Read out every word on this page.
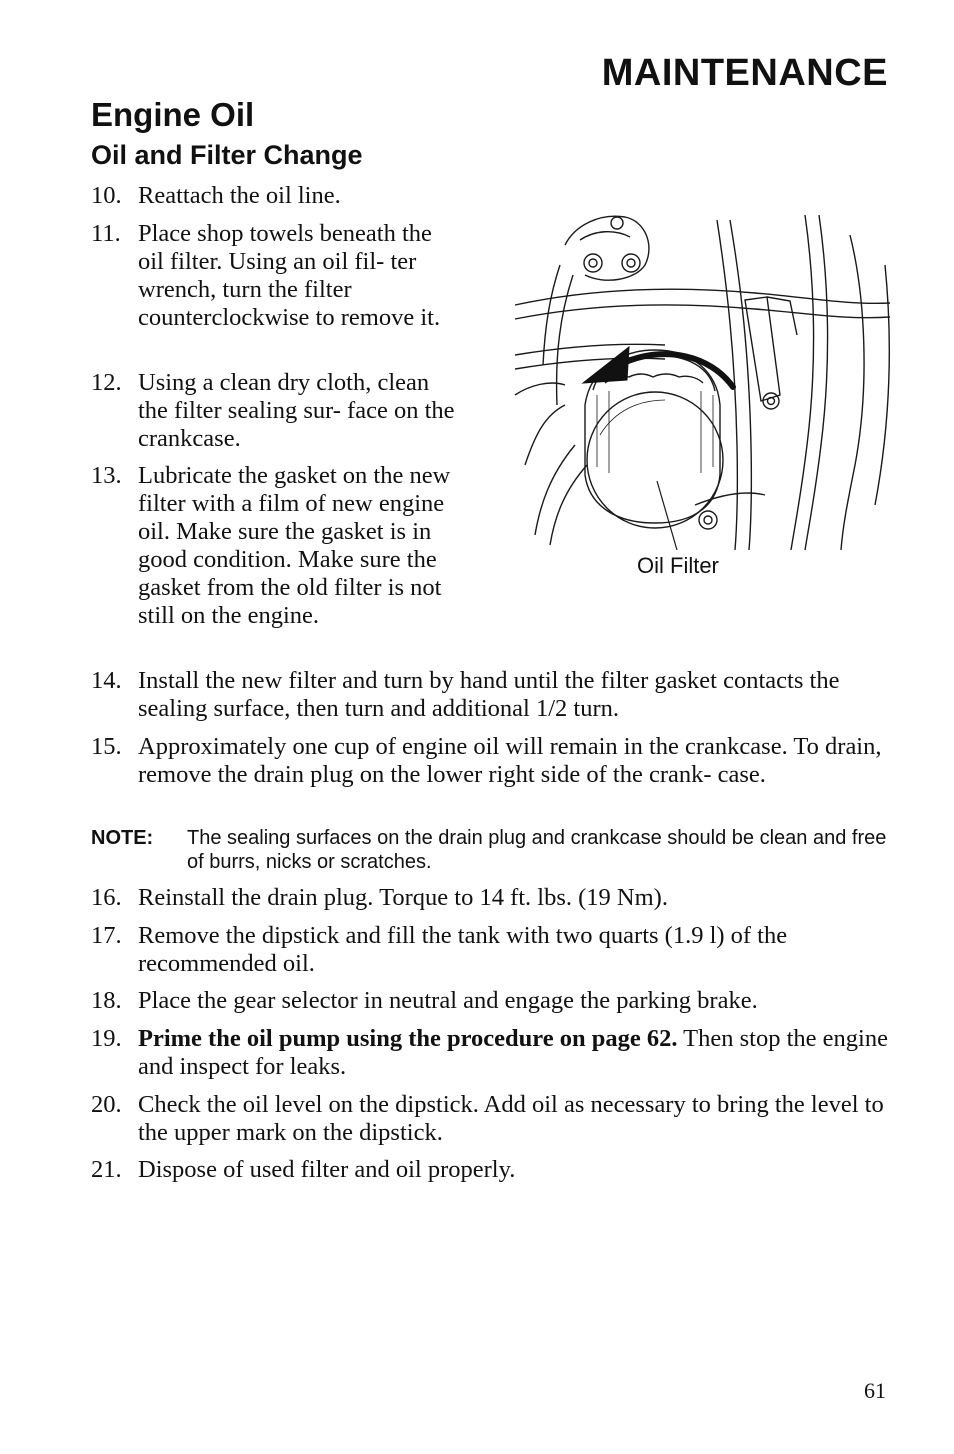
MAINTENANCE
Engine Oil
Oil and Filter Change
10. Reattach the oil line.
11. Place shop towels beneath the oil filter. Using an oil fil- ter wrench, turn the filter counterclockwise to remove it.
12. Using a clean dry cloth, clean the filter sealing sur- face on the crankcase.
13. Lubricate the gasket on the new filter with a film of new engine oil. Make sure the gasket is in good condition. Make sure the gasket from the old filter is not still on the engine.
14. Install the new filter and turn by hand until the filter gasket contacts the sealing surface, then turn and additional 1/2 turn.
15. Approximately one cup of engine oil will remain in the crankcase. To drain, remove the drain plug on the lower right side of the crank- case.
NOTE: The sealing surfaces on the drain plug and crankcase should be clean and free of burrs, nicks or scratches.
16. Reinstall the drain plug. Torque to 14 ft. lbs. (19 Nm).
17. Remove the dipstick and fill the tank with two quarts (1.9 l) of the recommended oil.
18. Place the gear selector in neutral and engage the parking brake.
19. Prime the oil pump using the procedure on page 62. Then stop the engine and inspect for leaks.
20. Check the oil level on the dipstick. Add oil as necessary to bring the level to the upper mark on the dipstick.
21. Dispose of used filter and oil properly.
Oil Filter
61
